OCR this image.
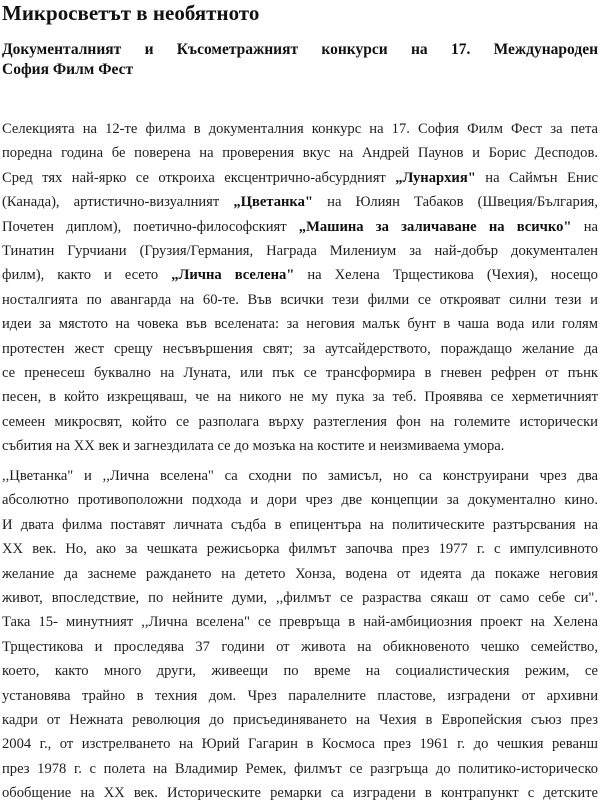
Микросветът в необятното
Документалният и Късометражният конкурси на 17. Международен
София Филм Фест
Селекцията на 12-те филма в документалния конкурс на 17. София Филм Фест за пета
поредна година бе поверена на проверения вкус на Андрей Паунов и Борис Десподов.
Сред тях най-ярко се откроиха ексцентрично-абсурдният „Лунархия" на Саймън Енис
(Канада), артистично-визуалният „Цветанка" на Юлиян Табаков (Швеция/България,
Почетен диплом), поетично-философският „Машина за заличаване на всичко" на
Тинатин Гурчиани (Грузия/Германия, Награда Милениум за най-добър документален
филм), както и есето „Лична вселена" на Хелена Трщестикова (Чехия), носещо
носталгията по авангарда на 60-те. Във всички тези филми се открояват силни тези и
идеи за мястото на човека във вселената: за неговия малък бунт в чаша вода или голям
протестен жест срещу несъвършения свят; за аутсайдерството, пораждащо желание да
се пренесеш буквално на Луната, или пък се трансформира в гневен рефрен от пънк
песен, в който изкрещяваш, че на никого не му пука за теб. Проявява се херметичният
семеен микросвят, който се разполага върху разтегления фон на големите исторически
събития на XX век и загнездилата се до мозъка на костите и неизмиваема умора.
,,Цветанка" и ,,Лична вселена" са сходни по замисъл, но са конструирани чрез два
абсолютно противоположни подхода и дори чрез две концепции за документално кино.
И двата филма поставят личната съдба в епицентъра на политическите разтърсвания на
XX век. Но, ако за чешката режисьорка филмът започва през 1977 г. с импулсивното
желание да заснеме раждането на детето Хонза, водена от идеята да покаже неговия
живот, впоследствие, по нейните думи, ,,филмът се разраства сякаш от само себе си".
Така 15- минутният ,,Лична вселена" се превръща в най-амбициозния проект на Хелена
Трщестикова и проследява 37 години от живота на обикновеното чешко семейство,
което, както много други, живеещи по време на социалистическия режим, се
установява трайно в техния дом. Чрез паралелните пластове, изградени от архивни
кадри от Нежната революция до присъединяването на Чехия в Европейския съюз през
2004 г., от изстрелването на Юрий Гагарин в Космоса през 1961 г. до чешкия реванш
през 1978 г. с полета на Владимир Ремек, филмът се разгръща до политико-историческо
обобщение на XX век. Историческите ремарки са изградени в контрапункт с детските
